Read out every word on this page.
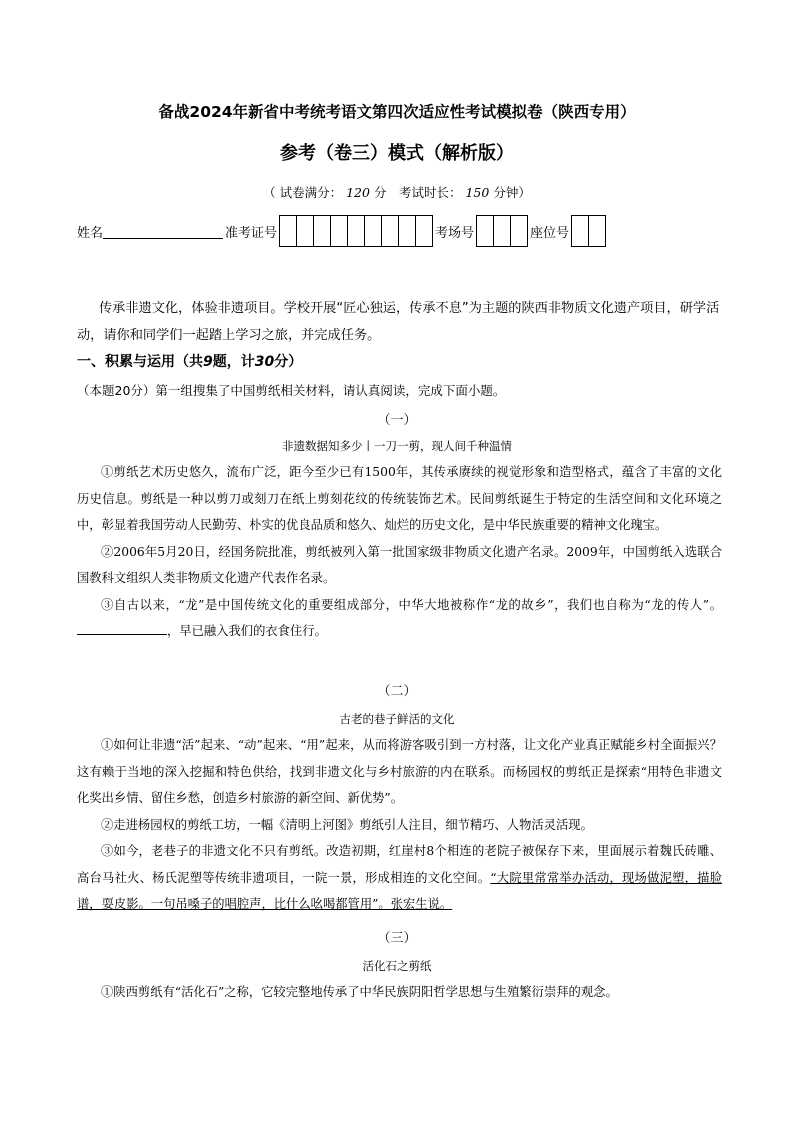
备战2024年新省中考统考语文第四次适应性考试模拟卷（陕西专用）
参考（卷三）模式（解析版）
（ 试卷满分： 120 分　考试时长： 150 分钟）
姓名	准考证号	考场号	座位号
传承非遗文化，体验非遗项目。学校开展“匠心独运，传承不息”为主题的陕西非物质文化遗产项目，研学活动，请你和同学们一起踏上学习之旅，并完成任务。
一、积累与运用（共9题，计30分）
（本题20分）第一组搜集了中国剪纸相关材料，请认真阅读，完成下面小题。
（一）
非遗数据知多少丨一刀一剪，现人间千种温情

①剪纸艺术历史悠久，流布广泛，距今至少已有1500年，其传承赓续的视觉形象和造型格式，蕴含了丰富的文化历史信息。剪纸是一种以剪刀或刻刀在纸上剪刻花纹的传统装饰艺术。民间剪纸诞生于特定的生活空间和文化环境之中，彰显着我国劳动人民勤劳、朴实的优良品质和悠久、灿烂的历史文化，是中华民族重要的精神文化瑰宝。

②2006年5月20日，经国务院批准，剪纸被列入第一批国家级非物质文化遗产名录。2009年，中国剪纸入选联合国教科文组织人类非物质文化遗产代表作名录。

③自古以来，“龙”是中国传统文化的重要组成部分，中华大地被称作“龙的故乡”，我们也自称为“龙的传人”。，早已融入我们的衣食住行。

（二）
古老的巷子鲜活的文化

①如何让非遗“活”起来、“动”起来、“用”起来，从而将游客吸引到一方村落，让文化产业真正赋能乡村全面振兴？这有赖于当地的深入挖掘和特色供给，找到非遗文化与乡村旅游的内在联系。而杨园权的剪纸正是探索“用特色非遗文化奖出乡情、留住乡愁，创造乡村旅游的新空间、新优势”。

②走进杨园权的剪纸工坊，一幅《清明上河图》剪纸引人注目，细节精巧、人物活灵活现。

③如今，老巷子的非遗文化不只有剪纸。改造初期，红崖村8个相连的老院子被保存下来，里面展示着魏氏砖雕、高台马社火、杨氏泥塑等传统非遗项目，一院一景，形成相连的文化空间。“大院里常常举办活动，现场做泥塑，描脸谱，耍皮影。一句吊嗓子的唱腔声，比什么吆喝都管用”。张宏生说。

（三）
活化石之剪纸

①陕西剪纸有“活化石”之称，它较完整地传承了中华民族阴阳哲学思想与生殖繁衍崇拜的观念。
